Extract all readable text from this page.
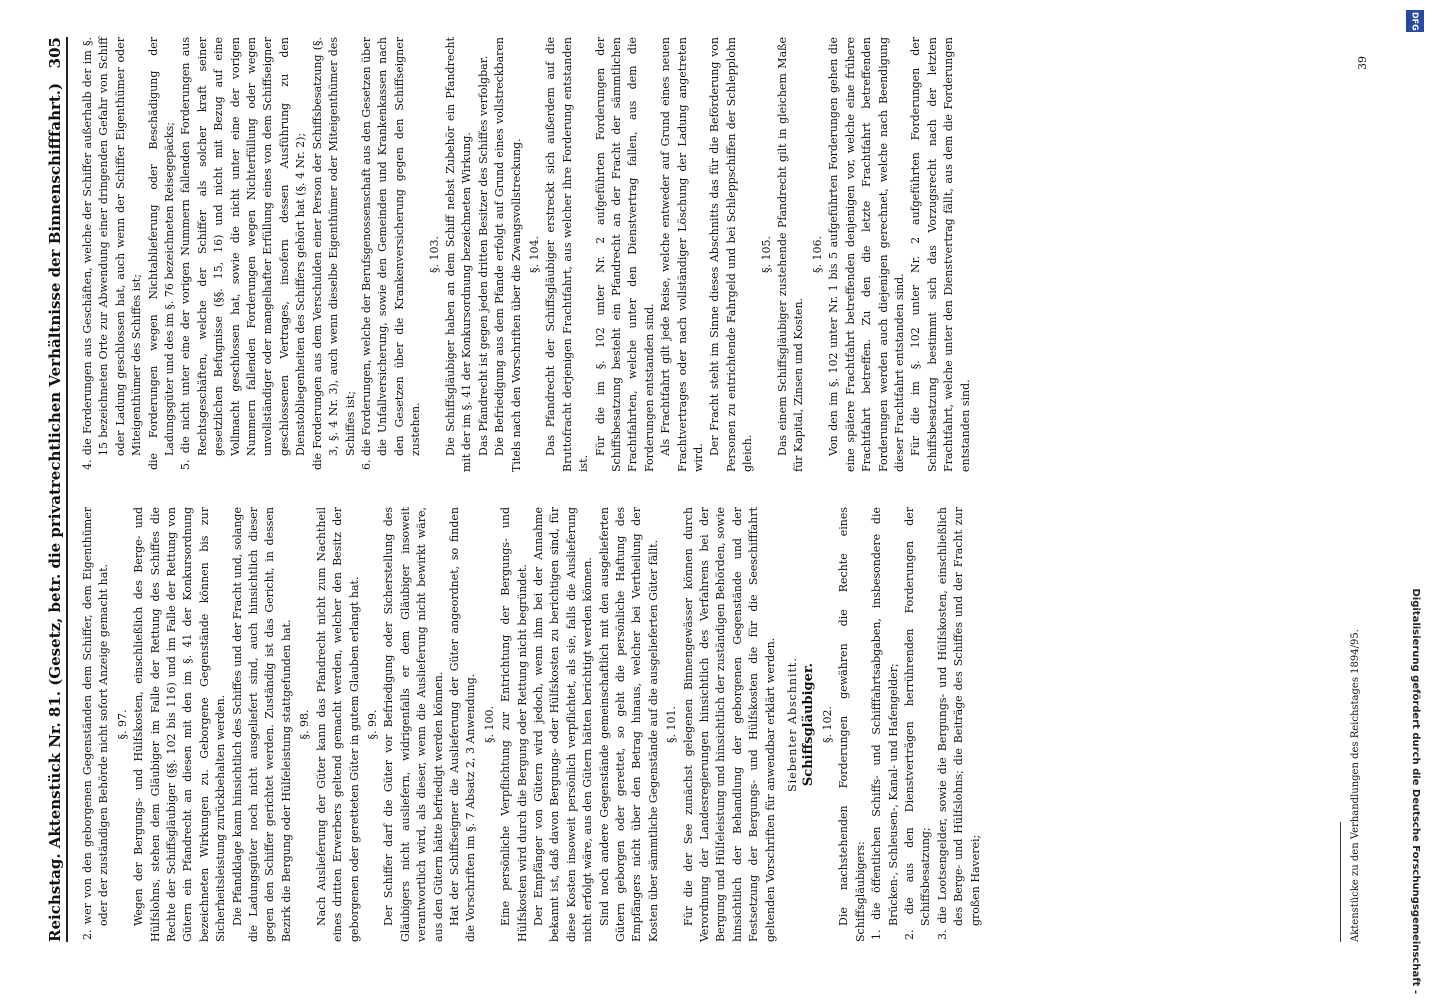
Reichstag. Aktenstück Nr. 81. (Gesetz, betr. die privatrechtlichen Verhältnisse der Binnenschifffahrt.)
305

2. wer von den geborgenen Gegenständen dem Schiffer, dem Eigenthümer oder der zuständigen Behörde nicht sofort Anzeige gemacht hat. §. 97. Wegen der Bergungs- und Hülfskosten, einschließlich des Berge- und Hülfslohns, stehen dem Gläubiger im Falle der Rettung des Schiffes die Rechte der Schiffsgläubiger (§§. 102 bis 116) und im Falle der Rettung von Gütern ein Pfandrecht an diesen mit den im §. 41 der Konkursordnung bezeichneten Wirkungen zu. Geborgene Gegenstände können bis zur Sicherheitsleistung zurückbehalten werden. Die Pfandklage kann hinsichtlich des Schiffes und der Fracht und, solange die Ladungsgüter noch nicht ausgeliefert sind, auch hinsichtlich dieser gegen den Schiffer gerichtet werden. Zuständig ist das Gericht, in dessen Bezirk die Bergung oder Hülfeleistung stattgefunden hat. §. 98. Nach Auslieferung der Güter kann das Pfandrecht nicht zum Nachtheil eines dritten Erwerbers geltend gemacht werden, welcher den Besitz der geborgenen oder geretteten Güter in gutem Glauben erlangt hat. §. 99. Der Schiffer darf die Güter vor Befriedigung oder Sicherstellung des Gläubigers nicht ausliefern, widrigenfalls er dem Gläubiger insoweit verantwortlich wird, als dieser, wenn die Auslieferung nicht bewirkt wäre, aus den Gütern hätte befriedigt werden können. Hat der Schiffseigner die Auslieferung der Güter angeordnet, so finden die Vorschriften im §. 7 Absatz 2, 3 Anwendung. §. 100. Eine persönliche Verpflichtung zur Entrichtung der Bergungs- und Hülfskosten wird durch die Bergung oder Rettung nicht begründet. Der Empfänger von Gütern wird jedoch, wenn ihm bei der Annahme bekannt ist, daß davon Bergungs- oder Hülfskosten zu berichtigen sind, für diese Kosten insoweit persönlich verpflichtet, als sie, falls die Auslieferung nicht erfolgt wäre, aus den Gütern hätten berichtigt werden können. Sind noch andere Gegenstände gemeinschaftlich mit den ausgelieferten Gütern geborgen oder gerettet, so geht die persönliche Haftung des Empfängers nicht über den Betrag hinaus, welcher bei Vertheilung der Kosten über sämmtliche Gegenstände auf die ausgelieferten Güter fällt. §. 101. Für die der See zunächst gelegenen Binnengewässer können durch Verordnung der Landesregierungen hinsichtlich des Verfahrens bei der Bergung und Hülfeleistung und hinsichtlich der zuständigen Behörden, sowie hinsichtlich der Behandlung der geborgenen Gegenstände und der Festsetzung der Bergungs- und Hülfskosten die für die Seeschifffahrt geltenden Vorschriften für anwendbar erklärt werden. Siebenter Abschnitt. Schiffsgläubiger. §. 102. Die nachstehenden Forderungen gewähren die Rechte eines Schiffsgläubigers: 1. die öffentlichen Schiffs- und Schifffahrtsabgaben, insbesondere die Brücken-, Schleusen-, Kanal- und Hafengelder; 2. die aus den Dienstverträgen herrührenden Forderungen der Schiffsbesatzung; 3. die Lootsengelder, sowie die Bergungs- und Hülfskosten, einschließlich des Berge- und Hülfslohns; die Beiträge des Schiffes und der Fracht zur großen Haverei;

4. die Forderungen aus Geschäften, welche der Schiffer außerhalb der im §. 15 bezeichneten Orte zur Abwendung einer dringenden Gefahr von Schiff oder Ladung geschlossen hat, auch wenn der Schiffer Eigenthümer oder Miteigenthümer des Schiffes ist; die Forderungen wegen Nichtablieferung oder Beschädigung der Ladungsgüter und des im §. 76 bezeichneten Reisegepäcks; 5. die nicht unter eine der vorigen Nummern fallenden Forderungen aus Rechtsgeschäften, welche der Schiffer als solcher kraft seiner gesetzlichen Befugnisse (§§. 15, 16) und nicht mit Bezug auf eine Vollmacht geschlossen hat, sowie die nicht unter eine der vorigen Nummern fallenden Forderungen wegen Nichterfüllung oder wegen unvollständiger oder mangelhafter Erfüllung eines von dem Schiffseigner geschlossenen Vertrages, insofern dessen Ausführung zu den Dienstobliegenheiten des Schiffers gehört hat (§. 4 Nr. 2); die Forderungen aus dem Verschulden einer Person der Schiffsbesatzung (§. 3, §. 4 Nr. 3), auch wenn dieselbe Eigenthümer oder Miteigenthümer des Schiffes ist; 6. die Forderungen, welche der Berufsgenossenschaft aus den Gesetzen über die Unfallversicherung, sowie den Gemeinden und Krankenkassen nach den Gesetzen über die Krankenversicherung gegen den Schiffseigner zustehen.

§. 103. Die Schiffsgläubiger haben an dem Schiff nebst Zubehör ein Pfandrecht mit der im §. 41 der Konkursordnung bezeichneten Wirkung. Das Pfandrecht ist gegen jeden dritten Besitzer des Schiffes verfolgbar. Die Befriedigung aus dem Pfande erfolgt auf Grund eines vollstreckbaren Titels nach den Vorschriften über die Zwangsvollstreckung. §. 104. Das Pfandrecht der Schiffsgläubiger erstreckt sich außerdem auf die Bruttofracht derjenigen Frachtfahrt, aus welcher ihre Forderung entstanden ist.

Für die im §. 102 unter Nr. 2 aufgeführten Forderungen der Schiffsbesatzung besteht ein Pfandrecht an der Fracht der sämmtlichen Frachtfahrten, welche unter den Dienstvertrag fallen, aus dem die Forderungen entstanden sind. Als Frachtfahrt gilt jede Reise, welche entweder auf Grund eines neuen Frachtvertrages oder nach vollständiger Löschung der Ladung angetreten wird.

Der Fracht steht im Sinne dieses Abschnitts das für die Beförderung von Personen zu entrichtende Fahrgeld und bei Schleppschiffen der Schlepplohn gleich.

§. 105. Das einem Schiffsgläubiger zustehende Pfandrecht gilt in gleichem Maße für Kapital, Zinsen und Kosten.

§. 106. Von den im §. 102 unter Nr. 1 bis 5 aufgeführten Forderungen gehen die eine spätere Frachtfahrt betreffenden denjenigen vor, welche eine frühere Frachtfahrt betreffen. Zu den die letzte Frachtfahrt betreffenden Forderungen werden auch diejenigen gerechnet, welche nach Beendigung dieser Frachtfahrt entstanden sind. Für die im §. 102 unter Nr. 2 aufgeführten Forderungen der Schiffsbesatzung bestimmt sich das Vorzugsrecht nach der letzten Frachtfahrt, welche unter den Dienstvertrag fällt, aus dem die Forderungen entstanden sind.

Aktenstücke zu den Verhandlungen des Reichstages 1894/95.
39
Digitalisierung gefördert durch die Deutsche Forschungsgemeinschaft -
DFG
